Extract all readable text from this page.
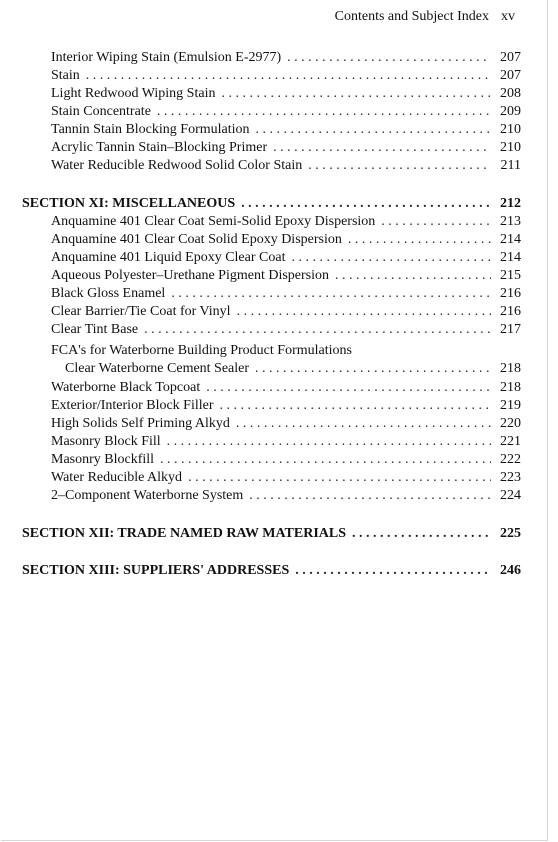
Contents and Subject Index xv
Interior Wiping Stain (Emulsion E-2977) . . .	207
Stain . . .	207
Light Redwood Wiping Stain . . .	208
Stain Concentrate . . .	209
Tannin Stain Blocking Formulation . . .	210
Acrylic Tannin Stain–Blocking Primer . . .	210
Water Reducible Redwood Solid Color Stain . . .	211
SECTION XI: MISCELLANEOUS . . .	212
Anquamine 401 Clear Coat Semi-Solid Epoxy Dispersion . . .	213
Anquamine 401 Clear Coat Solid Epoxy Dispersion . . .	214
Anquamine 401 Liquid Epoxy Clear Coat . . .	214
Aqueous Polyester–Urethane Pigment Dispersion . . .	215
Black Gloss Enamel . . .	216
Clear Barrier/Tie Coat for Vinyl . . .	216
Clear Tint Base . . .	217
FCA's for Waterborne Building Product Formulations
Clear Waterborne Cement Sealer . . .	218
Waterborne Black Topcoat . . .	218
Exterior/Interior Block Filler . . .	219
High Solids Self Priming Alkyd . . .	220
Masonry Block Fill . . .	221
Masonry Blockfill . . .	222
Water Reducible Alkyd . . .	223
2–Component Waterborne System . . .	224
SECTION XII: TRADE NAMED RAW MATERIALS . . .	225
SECTION XIII: SUPPLIERS' ADDRESSES . . .	246
